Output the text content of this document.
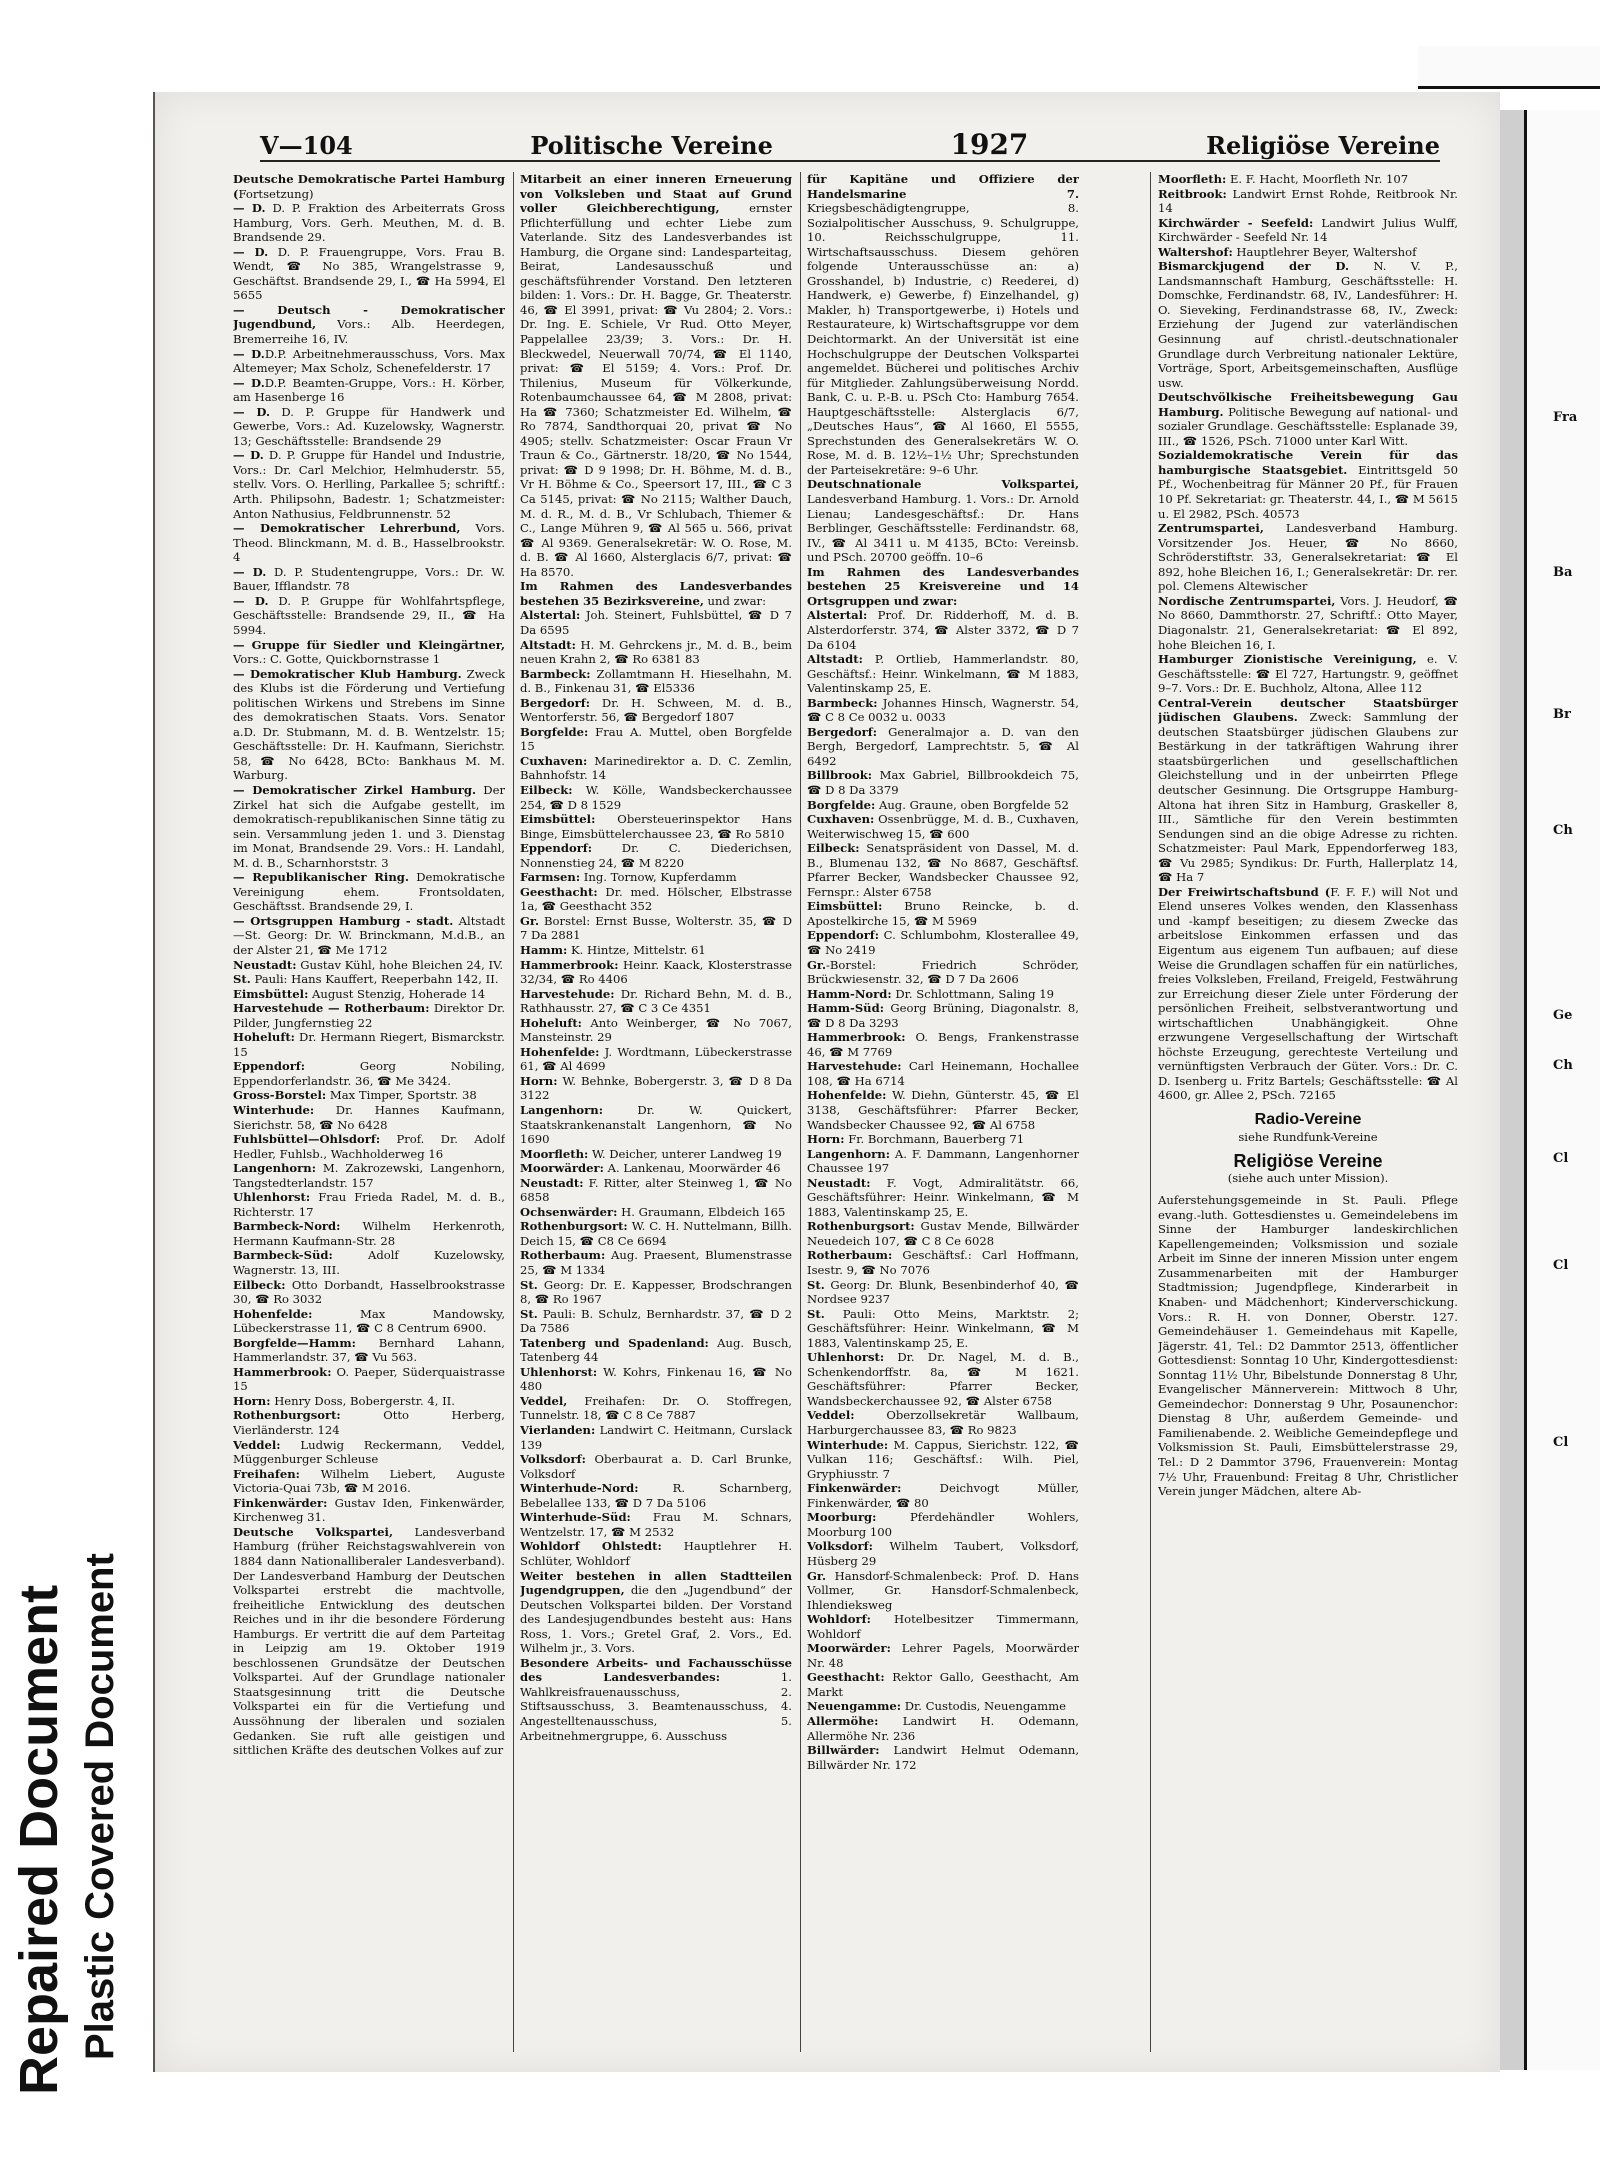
Repaired Document Plastic Covered Document
Fra
Ba
Br
Ch
Ge
Ch
Cl
Cl
Cl
V—104	Politische Vereine	1927	Religiöse Vereine

Deutsche Demokratische Partei Hamburg (Fortsetzung)

— D. D. P. Fraktion des Arbeiterrats Gross Hamburg, Vors. Gerh. Meuthen, M. d. B. Brandsende 29.

— D. D. P. Frauengruppe, Vors. Frau B. Wendt, ☎ No 385, Wrangelstrasse 9, Geschäftst. Brandsende 29, I., ☎ Ha 5994, El 5655

— Deutsch - Demokratischer Jugendbund, Vors.: Alb. Heerdegen, Bremerreihe 16, IV.

— D.D.P. Arbeitnehmerausschuss, Vors. Max Altemeyer; Max Scholz, Schenefelderstr. 17

— D.D.P. Beamten-Gruppe, Vors.: H. Körber, am Hasenberge 16

— D. D. P. Gruppe für Handwerk und Gewerbe, Vors.: Ad. Kuzelowsky, Wagnerstr. 13; Geschäftsstelle: Brandsende 29

— D. D. P. Gruppe für Handel und Industrie, Vors.: Dr. Carl Melchior, Helmhuderstr. 55, stellv. Vors. O. Herlling, Parkallee 5; schriftf.: Arth. Philipsohn, Badestr. 1; Schatzmeister: Anton Nathusius, Feldbrunnenstr. 52

— Demokratischer Lehrerbund, Vors. Theod. Blinckmann, M. d. B., Hasselbrookstr. 4

— D. D. P. Studentengruppe, Vors.: Dr. W. Bauer, Ifflandstr. 78

— D. D. P. Gruppe für Wohlfahrtspflege, Geschäftsstelle: Brandsende 29, II., ☎ Ha 5994.

— Gruppe für Siedler und Kleingärtner, Vors.: C. Gotte, Quickbornstrasse 1

— Demokratischer Klub Hamburg. Zweck des Klubs ist die Förderung und Vertiefung politischen Wirkens und Strebens im Sinne des demokratischen Staats. Vors. Senator a.D. Dr. Stubmann, M. d. B. Wentzelstr. 15; Geschäftsstelle: Dr. H. Kaufmann, Sierichstr. 58, ☎ No 6428, BCto: Bankhaus M. M. Warburg.

— Demokratischer Zirkel Hamburg. Der Zirkel hat sich die Aufgabe gestellt, im demokratisch-republikanischen Sinne tätig zu sein. Versammlung jeden 1. und 3. Dienstag im Monat, Brandsende 29. Vors.: H. Landahl, M. d. B., Scharnhorststr. 3

— Republikanischer Ring. Demokratische Vereinigung ehem. Frontsoldaten, Geschäftsst. Brandsende 29, I.

— Ortsgruppen Hamburg - stadt. Altstadt—St. Georg: Dr. W. Brinckmann, M.d.B., an der Alster 21, ☎ Me 1712

Neustadt: Gustav Kühl, hohe Bleichen 24, IV.

St. Pauli: Hans Kauffert, Reeperbahn 142, II.

Eimsbüttel: August Stenzig, Hoherade 14

Harvestehude — Rotherbaum: Direktor Dr. Pilder, Jungfernstieg 22

Hoheluft: Dr. Hermann Riegert, Bismarckstr. 15

Eppendorf: Georg Nobiling, Eppendorferlandstr. 36, ☎ Me 3424.

Gross-Borstel: Max Timper, Sportstr. 38

Winterhude: Dr. Hannes Kaufmann, Sierichstr. 58, ☎ No 6428

Fuhlsbüttel—Ohlsdorf: Prof. Dr. Adolf Hedler, Fuhlsb., Wachholderweg 16

Langenhorn: M. Zakrozewski, Langenhorn, Tangstedterlandstr. 157

Uhlenhorst: Frau Frieda Radel, M. d. B., Richterstr. 17

Barmbeck-Nord: Wilhelm Herkenroth, Hermann Kaufmann-Str. 28

Barmbeck-Süd: Adolf Kuzelowsky, Wagnerstr. 13, III.

Eilbeck: Otto Dorbandt, Hasselbrookstrasse 30, ☎ Ro 3032

Hohenfelde: Max Mandowsky, Lübeckerstrasse 11, ☎ C 8 Centrum 6900.

Borgfelde—Hamm: Bernhard Lahann, Hammerlandstr. 37, ☎ Vu 563.

Hammerbrook: O. Paeper, Süderquaistrasse 15

Horn: Henry Doss, Bobergerstr. 4, II.

Rothenburgsort: Otto Herberg, Vierländerstr. 124

Veddel: Ludwig Reckermann, Veddel, Müggenburger Schleuse

Freihafen: Wilhelm Liebert, Auguste Victoria-Quai 73b, ☎ M 2016.

Finkenwärder: Gustav Iden, Finkenwärder, Kirchenweg 31.

Deutsche Volkspartei, Landesverband Hamburg (früher Reichstagswahlverein von 1884 dann Nationalliberaler Landesverband). Der Landesverband Hamburg der Deutschen Volkspartei erstrebt die machtvolle, freiheitliche Entwicklung des deutschen Reiches und in ihr die besondere Förderung Hamburgs. Er vertritt die auf dem Parteitag in Leipzig am 19. Oktober 1919 beschlossenen Grundsätze der Deutschen Volkspartei. Auf der Grundlage nationaler Staatsgesinnung tritt die Deutsche Volkspartei ein für die Vertiefung und Aussöhnung der liberalen und sozialen Gedanken. Sie ruft alle geistigen und sittlichen Kräfte des deutschen Volkes auf zur

Mitarbeit an einer inneren Erneuerung von Volksleben und Staat auf Grund voller Gleichberechtigung, ernster Pflichterfüllung und echter Liebe zum Vaterlande. Sitz des Landesverbandes ist Hamburg, die Organe sind: Landesparteitag, Beirat, Landesausschuß und geschäftsführender Vorstand. Den letzteren bilden: 1. Vors.: Dr. H. Bagge, Gr. Theaterstr. 46, ☎ El 3991, privat: ☎ Vu 2804; 2. Vors.: Dr. Ing. E. Schiele, Vr Rud. Otto Meyer, Pappelallee 23/39; 3. Vors.: Dr. H. Bleckwedel, Neuerwall 70/74, ☎ El 1140, privat: ☎ El 5159; 4. Vors.: Prof. Dr. Thilenius, Museum für Völkerkunde, Rotenbaumchaussee 64, ☎ M 2808, privat: Ha ☎ 7360; Schatzmeister Ed. Wilhelm, ☎ Ro 7874, Sandthorquai 20, privat ☎ No 4905; stellv. Schatzmeister: Oscar Fraun Vr Traun & Co., Gärtnerstr. 18/20, ☎ No 1544, privat: ☎ D 9 1998; Dr. H. Böhme, M. d. B., Vr H. Böhme & Co., Speersort 17, III., ☎ C 3 Ca 5145, privat: ☎ No 2115; Walther Dauch, M. d. R., M. d. B., Vr Schlubach, Thiemer & C., Lange Mühren 9, ☎ Al 565 u. 566, privat ☎ Al 9369. Generalsekretär: W. O. Rose, M. d. B. ☎ Al 1660, Alsterglacis 6/7, privat: ☎ Ha 8570.

Im Rahmen des Landesverbandes bestehen 35 Bezirksvereine, und zwar:

Alstertal: Joh. Steinert, Fuhlsbüttel, ☎ D 7 Da 6595

Altstadt: H. M. Gehrckens jr., M. d. B., beim neuen Krahn 2, ☎ Ro 6381 83

Barmbeck: Zollamtmann H. Hieselhahn, M. d. B., Finkenau 31, ☎ El5336

Bergedorf: Dr. H. Schween, M. d. B., Wentorferstr. 56, ☎ Bergedorf 1807

Borgfelde: Frau A. Muttel, oben Borgfelde 15

Cuxhaven: Marinedirektor a. D. C. Zemlin, Bahnhofstr. 14

Eilbeck: W. Kölle, Wandsbeckerchaussee 254, ☎ D 8 1529

Eimsbüttel: Obersteuerinspektor Hans Binge, Eimsbüttelerchaussee 23, ☎ Ro 5810

Eppendorf: Dr. C. Diederichsen, Nonnenstieg 24, ☎ M 8220

Farmsen: Ing. Tornow, Kupferdamm

Geesthacht: Dr. med. Hölscher, Elbstrasse 1a, ☎ Geesthacht 352

Gr. Borstel: Ernst Busse, Wolterstr. 35, ☎ D 7 Da 2881

Hamm: K. Hintze, Mittelstr. 61

Hammerbrook: Heinr. Kaack, Klosterstrasse 32/34, ☎ Ro 4406

Harvestehude: Dr. Richard Behn, M. d. B., Rathhausstr. 27, ☎ C 3 Ce 4351

Hoheluft: Anto Weinberger, ☎ No 7067, Mansteinstr. 29

Hohenfelde: J. Wordtmann, Lübeckerstrasse 61, ☎ Al 4699

Horn: W. Behnke, Bobergerstr. 3, ☎ D 8 Da 3122

Langenhorn: Dr. W. Quickert, Staatskrankenanstalt Langenhorn, ☎ No 1690

Moorfleth: W. Deicher, unterer Landweg 19

Moorwärder: A. Lankenau, Moorwärder 46

Neustadt: F. Ritter, alter Steinweg 1, ☎ No 6858

Ochsenwärder: H. Graumann, Elbdeich 165

Rothenburgsort: W. C. H. Nuttelmann, Billh. Deich 15, ☎ C8 Ce 6694

Rotherbaum: Aug. Praesent, Blumenstrasse 25, ☎ M 1334

St. Georg: Dr. E. Kappesser, Brodschrangen 8, ☎ Ro 1967

St. Pauli: B. Schulz, Bernhardstr. 37, ☎ D 2 Da 7586

Tatenberg und Spadenland: Aug. Busch, Tatenberg 44

Uhlenhorst: W. Kohrs, Finkenau 16, ☎ No 480

Veddel, Freihafen: Dr. O. Stoffregen, Tunnelstr. 18, ☎ C 8 Ce 7887

Vierlanden: Landwirt C. Heitmann, Curslack 139

Volksdorf: Oberbaurat a. D. Carl Brunke, Volksdorf

Winterhude-Nord: R. Scharnberg, Bebelallee 133, ☎ D 7 Da 5106

Winterhude-Süd: Frau M. Schnars, Wentzelstr. 17, ☎ M 2532

Wohldorf Ohlstedt: Hauptlehrer H. Schlüter, Wohldorf

Weiter bestehen in allen Stadtteilen Jugendgruppen, die den „Jugendbund“ der Deutschen Volkspartei bilden. Der Vorstand des Landesjugendbundes besteht aus: Hans Ross, 1. Vors.; Gretel Graf, 2. Vors., Ed. Wilhelm jr., 3. Vors.

Besondere Arbeits- und Fachausschüsse des Landesverbandes: 1. Wahlkreisfrauenausschuss, 2. Stiftsausschuss, 3. Beamtenausschuss, 4. Angestelltenausschuss, 5. Arbeitnehmergruppe, 6. Ausschuss

für Kapitäne und Offiziere der Handelsmarine 7. Kriegsbeschädigtengruppe, 8. Sozialpolitischer Ausschuss, 9. Schulgruppe, 10. Reichsschulgruppe, 11. Wirtschaftsausschuss. Diesem gehören folgende Unterausschüsse an: a) Grosshandel, b) Industrie, c) Reederei, d) Handwerk, e) Gewerbe, f) Einzelhandel, g) Makler, h) Transportgewerbe, i) Hotels und Restaurateure, k) Wirtschaftsgruppe vor dem Deichtormarkt. An der Universität ist eine Hochschulgruppe der Deutschen Volkspartei angemeldet. Bücherei und politisches Archiv für Mitglieder. Zahlungsüberweisung Nordd. Bank, C. u. P.-B. u. PSch Cto: Hamburg 7654. Hauptgeschäftsstelle: Alsterglacis 6/7, „Deutsches Haus“, ☎ Al 1660, El 5555, Sprechstunden des Generalsekretärs W. O. Rose, M. d. B. 12½–1½ Uhr; Sprechstunden der Parteisekretäre: 9–6 Uhr.

Deutschnationale Volkspartei, Landesverband Hamburg. 1. Vors.: Dr. Arnold Lienau; Landesgeschäftsf.: Dr. Hans Berblinger, Geschäftsstelle: Ferdinandstr. 68, IV., ☎ Al 3411 u. M 4135, BCto: Vereinsb. und PSch. 20700 geöffn. 10–6

Im Rahmen des Landesverbandes bestehen 25 Kreisvereine und 14 Ortsgruppen und zwar:

Alstertal: Prof. Dr. Ridderhoff, M. d. B. Alsterdorferstr. 374, ☎ Alster 3372, ☎ D 7 Da 6104

Altstadt: P. Ortlieb, Hammerlandstr. 80, Geschäftsf.: Heinr. Winkelmann, ☎ M 1883, Valentinskamp 25, E.

Barmbeck: Johannes Hinsch, Wagnerstr. 54, ☎ C 8 Ce 0032 u. 0033

Bergedorf: Generalmajor a. D. van den Bergh, Bergedorf, Lamprechtstr. 5, ☎ Al 6492

Billbrook: Max Gabriel, Billbrookdeich 75, ☎ D 8 Da 3379

Borgfelde: Aug. Graune, oben Borgfelde 52

Cuxhaven: Ossenbrügge, M. d. B., Cuxhaven, Weiterwischweg 15, ☎ 600

Eilbeck: Senatspräsident von Dassel, M. d. B., Blumenau 132, ☎ No 8687, Geschäftsf. Pfarrer Becker, Wandsbecker Chaussee 92, Fernspr.: Alster 6758

Eimsbüttel: Bruno Reincke, b. d. Apostelkirche 15, ☎ M 5969

Eppendorf: C. Schlumbohm, Klosterallee 49, ☎ No 2419

Gr.-Borstel: Friedrich Schröder, Brückwiesenstr. 32, ☎ D 7 Da 2606

Hamm-Nord: Dr. Schlottmann, Saling 19

Hamm-Süd: Georg Brüning, Diagonalstr. 8, ☎ D 8 Da 3293

Hammerbrook: O. Bengs, Frankenstrasse 46, ☎ M 7769

Harvestehude: Carl Heinemann, Hochallee 108, ☎ Ha 6714

Hohenfelde: W. Diehn, Günterstr. 45, ☎ El 3138, Geschäftsführer: Pfarrer Becker, Wandsbecker Chaussee 92, ☎ Al 6758

Horn: Fr. Borchmann, Bauerberg 71

Langenhorn: A. F. Dammann, Langenhorner Chaussee 197

Neustadt: F. Vogt, Admiralitätstr. 66, Geschäftsführer: Heinr. Winkelmann, ☎ M 1883, Valentinskamp 25, E.

Rothenburgsort: Gustav Mende, Billwärder Neuedeich 107, ☎ C 8 Ce 6028

Rotherbaum: Geschäftsf.: Carl Hoffmann, Isestr. 9, ☎ No 7076

St. Georg: Dr. Blunk, Besenbinderhof 40, ☎ Nordsee 9237

St. Pauli: Otto Meins, Marktstr. 2; Geschäftsführer: Heinr. Winkelmann, ☎ M 1883, Valentinskamp 25, E.

Uhlenhorst: Dr. Dr. Nagel, M. d. B., Schenkendorffstr. 8a, ☎ M 1621. Geschäftsführer: Pfarrer Becker, Wandsbeckerchaussee 92, ☎ Alster 6758

Veddel: Oberzollsekretär Wallbaum, Harburgerchaussee 83, ☎ Ro 9823

Winterhude: M. Cappus, Sierichstr. 122, ☎ Vulkan 116; Geschäftsf.: Wilh. Piel, Gryphiusstr. 7

Finkenwärder: Deichvogt Müller, Finkenwärder, ☎ 80

Moorburg: Pferdehändler Wohlers, Moorburg 100

Volksdorf: Wilhelm Taubert, Volksdorf, Hüsberg 29

Gr. Hansdorf-Schmalenbeck: Prof. D. Hans Vollmer, Gr. Hansdorf-Schmalenbeck, Ihlendieksweg

Wohldorf: Hotelbesitzer Timmermann, Wohldorf

Moorwärder: Lehrer Pagels, Moorwärder Nr. 48

Geesthacht: Rektor Gallo, Geesthacht, Am Markt

Neuengamme: Dr. Custodis, Neuengamme

Allermöhe: Landwirt H. Odemann, Allermöhe Nr. 236

Billwärder: Landwirt Helmut Odemann, Billwärder Nr. 172

Moorfleth: E. F. Hacht, Moorfleth Nr. 107

Reitbrook: Landwirt Ernst Rohde, Reitbrook Nr. 14

Kirchwärder - Seefeld: Landwirt Julius Wulff, Kirchwärder - Seefeld Nr. 14

Waltershof: Hauptlehrer Beyer, Waltershof

Bismarckjugend der D. N. V. P., Landsmannschaft Hamburg, Geschäftsstelle: H. Domschke, Ferdinandstr. 68, IV., Landesführer: H. O. Sieveking, Ferdinandstrasse 68, IV., Zweck: Erziehung der Jugend zur vaterländischen Gesinnung auf christl.-deutschnationaler Grundlage durch Verbreitung nationaler Lektüre, Vorträge, Sport, Arbeitsgemeinschaften, Ausflüge usw.

Deutschvölkische Freiheitsbewegung Gau Hamburg. Politische Bewegung auf national- und sozialer Grundlage. Geschäftsstelle: Esplanade 39, III., ☎ 1526, PSch. 71000 unter Karl Witt.

Sozialdemokratische Verein für das hamburgische Staatsgebiet. Eintrittsgeld 50 Pf., Wochenbeitrag für Männer 20 Pf., für Frauen 10 Pf. Sekretariat: gr. Theaterstr. 44, I., ☎ M 5615 u. El 2982, PSch. 40573

Zentrumspartei, Landesverband Hamburg. Vorsitzender Jos. Heuer, ☎ No 8660, Schröderstiftstr. 33, Generalsekretariat: ☎ El 892, hohe Bleichen 16, I.; Generalsekretär: Dr. rer. pol. Clemens Altewischer

Nordische Zentrumspartei, Vors. J. Heudorf, ☎ No 8660, Dammthorstr. 27, Schriftf.: Otto Mayer, Diagonalstr. 21, Generalsekretariat: ☎ El 892, hohe Bleichen 16, I.

Hamburger Zionistische Vereinigung, e. V. Geschäftsstelle: ☎ El 727, Hartungstr. 9, geöffnet 9–7. Vors.: Dr. E. Buchholz, Altona, Allee 112

Central-Verein deutscher Staatsbürger jüdischen Glaubens. Zweck: Sammlung der deutschen Staatsbürger jüdischen Glaubens zur Bestärkung in der tatkräftigen Wahrung ihrer staatsbürgerlichen und gesellschaftlichen Gleichstellung und in der unbeirrten Pflege deutscher Gesinnung. Die Ortsgruppe Hamburg-Altona hat ihren Sitz in Hamburg, Graskeller 8, III., Sämtliche für den Verein bestimmten Sendungen sind an die obige Adresse zu richten. Schatzmeister: Paul Mark, Eppendorferweg 183, ☎ Vu 2985; Syndikus: Dr. Furth, Hallerplatz 14, ☎ Ha 7

Der Freiwirtschaftsbund (F. F. F.) will Not und Elend unseres Volkes wenden, den Klassenhass und -kampf beseitigen; zu diesem Zwecke das arbeitslose Einkommen erfassen und das Eigentum aus eigenem Tun aufbauen; auf diese Weise die Grundlagen schaffen für ein natürliches, freies Volksleben, Freiland, Freigeld, Festwährung zur Erreichung dieser Ziele unter Förderung der persönlichen Freiheit, selbstverantwortung und wirtschaftlichen Unabhängigkeit. Ohne erzwungene Vergesellschaftung der Wirtschaft höchste Erzeugung, gerechteste Verteilung und vernünftigsten Verbrauch der Güter. Vors.: Dr. C. D. Isenberg u. Fritz Bartels; Geschäftsstelle: ☎ Al 4600, gr. Allee 2, PSch. 72165

Radio-Vereine

siehe Rundfunk-Vereine

Religiöse Vereine

(siehe auch unter Mission).

Auferstehungsgemeinde in St. Pauli. Pflege evang.-luth. Gottesdienstes u. Gemeindelebens im Sinne der Hamburger landeskirchlichen Kapellengemeinden; Volksmission und soziale Arbeit im Sinne der inneren Mission unter engem Zusammenarbeiten mit der Hamburger Stadtmission; Jugendpflege, Kinderarbeit in Knaben- und Mädchenhort; Kinderverschickung. Vors.: R. H. von Donner, Oberstr. 127. Gemeindehäuser 1. Gemeindehaus mit Kapelle, Jägerstr. 41, Tel.: D2 Dammtor 2513, öffentlicher Gottesdienst: Sonntag 10 Uhr, Kindergottesdienst: Sonntag 11½ Uhr, Bibelstunde Donnerstag 8 Uhr, Evangelischer Männerverein: Mittwoch 8 Uhr, Gemeindechor: Donnerstag 9 Uhr, Posaunenchor: Dienstag 8 Uhr, außerdem Gemeinde- und Familienabende. 2. Weibliche Gemeindepflege und Volksmission St. Pauli, Eimsbüttelerstrasse 29, Tel.: D 2 Dammtor 3796, Frauenverein: Montag 7½ Uhr, Frauenbund: Freitag 8 Uhr, Christlicher Verein junger Mädchen, altere Ab-
